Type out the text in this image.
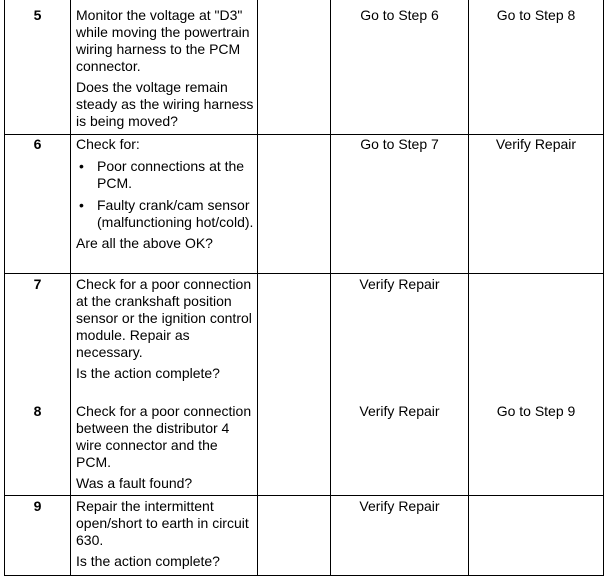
5	Monitor the voltage at "D3" while moving the powertrain wiring harness to the PCM connector.

Does the voltage remain steady as the wiring harness is being moved?

Go to Step 6	Go to Step 8
6	Check for:

• Poor connections at the PCM.
• Faulty crank/cam sensor (malfunctioning hot/cold).

Are all the above OK?

Go to Step 7	Verify Repair
7	Check for a poor connection at the crankshaft position sensor or the ignition control module. Repair as necessary.

Is the action complete?

Verify Repair
8	Check for a poor connection between the distributor 4 wire connector and the PCM.

Was a fault found?

Verify Repair	Go to Step 9
9	Repair the intermittent open/short to earth in circuit 630.

Is the action complete?

Verify Repair
